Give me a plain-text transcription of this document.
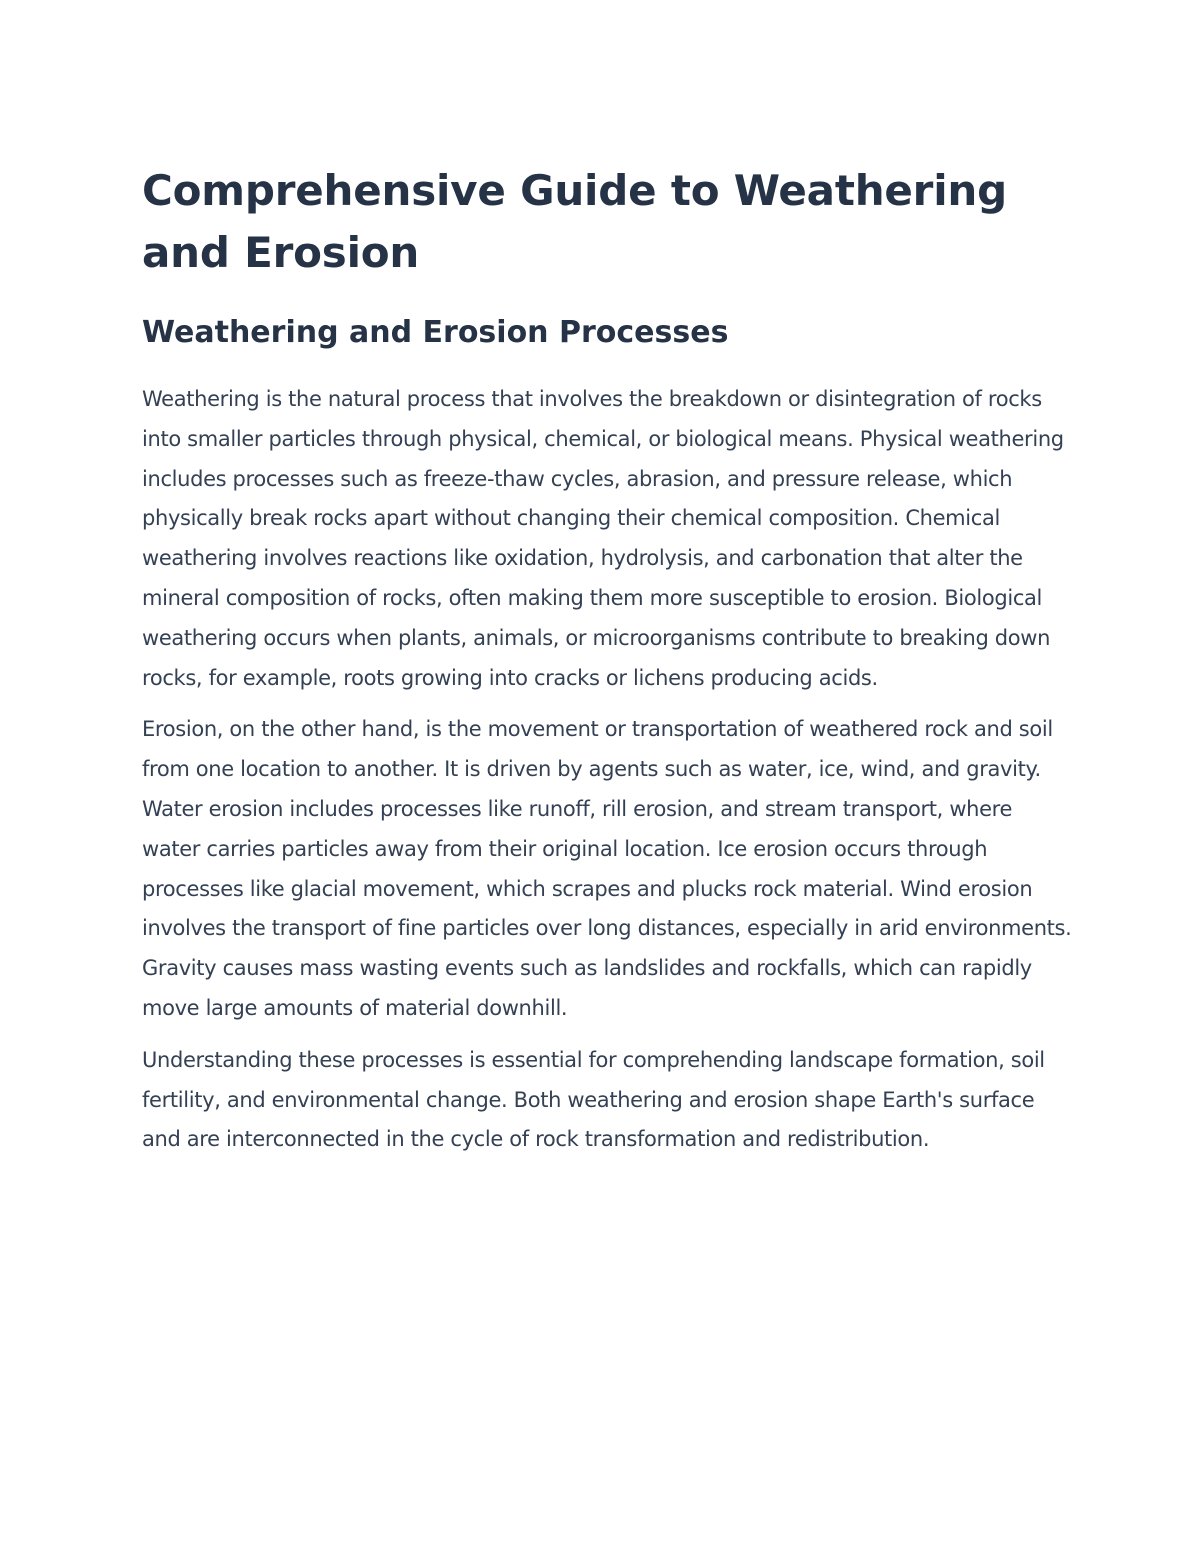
Comprehensive Guide to Weathering and Erosion
Weathering and Erosion Processes

Weathering is the natural process that involves the breakdown or disintegration of rocks into smaller particles through physical, chemical, or biological means. Physical weathering includes processes such as freeze-thaw cycles, abrasion, and pressure release, which physically break rocks apart without changing their chemical composition. Chemical weathering involves reactions like oxidation, hydrolysis, and carbonation that alter the mineral composition of rocks, often making them more susceptible to erosion. Biological weathering occurs when plants, animals, or microorganisms contribute to breaking down rocks, for example, roots growing into cracks or lichens producing acids.

Erosion, on the other hand, is the movement or transportation of weathered rock and soil from one location to another. It is driven by agents such as water, ice, wind, and gravity. Water erosion includes processes like runoff, rill erosion, and stream transport, where water carries particles away from their original location. Ice erosion occurs through processes like glacial movement, which scrapes and plucks rock material. Wind erosion involves the transport of fine particles over long distances, especially in arid environments. Gravity causes mass wasting events such as landslides and rockfalls, which can rapidly move large amounts of material downhill.

Understanding these processes is essential for comprehending landscape formation, soil fertility, and environmental change. Both weathering and erosion shape Earth's surface and are interconnected in the cycle of rock transformation and redistribution.
